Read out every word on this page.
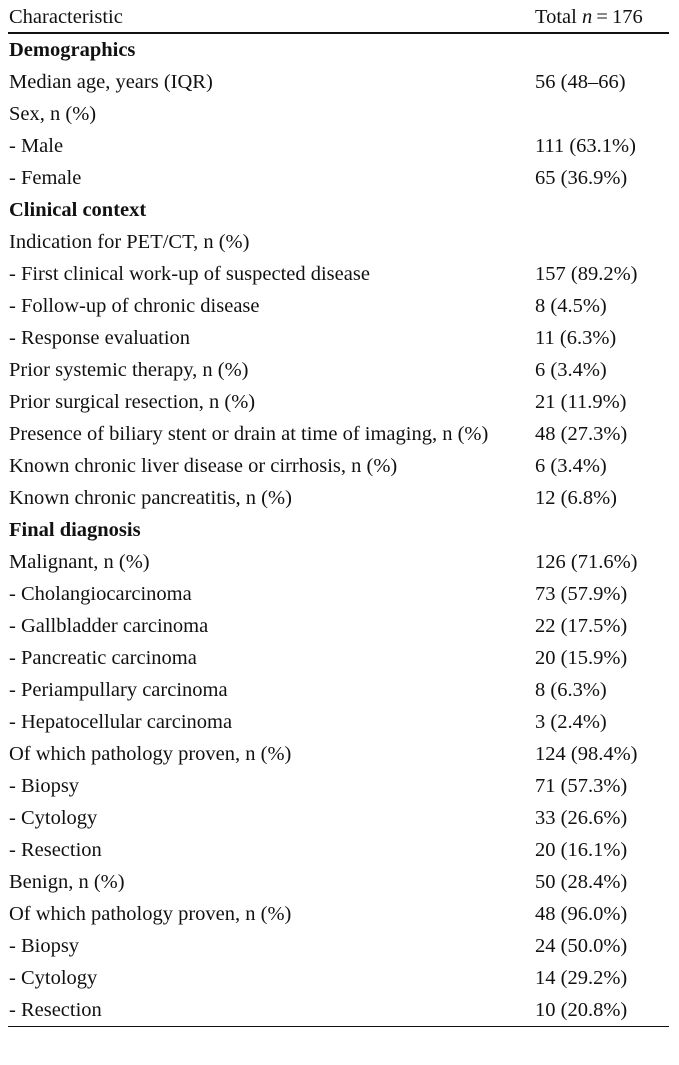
Characteristic	Total n = 176
Demographics	
Median age, years (IQR)	56 (48–66)
Sex, n (%)	
- Male	111 (63.1%)
- Female	65 (36.9%)
Clinical context	
Indication for PET/CT, n (%)	
- First clinical work-up of suspected disease	157 (89.2%)
- Follow-up of chronic disease	8 (4.5%)
- Response evaluation	11 (6.3%)
Prior systemic therapy, n (%)	6 (3.4%)
Prior surgical resection, n (%)	21 (11.9%)
Presence of biliary stent or drain at time of imaging, n (%)	48 (27.3%)
Known chronic liver disease or cirrhosis, n (%)	6 (3.4%)
Known chronic pancreatitis, n (%)	12 (6.8%)
Final diagnosis	
Malignant, n (%)	126 (71.6%)
- Cholangiocarcinoma	73 (57.9%)
- Gallbladder carcinoma	22 (17.5%)
- Pancreatic carcinoma	20 (15.9%)
- Periampullary carcinoma	8 (6.3%)
- Hepatocellular carcinoma	3 (2.4%)
Of which pathology proven, n (%)	124 (98.4%)
- Biopsy	71 (57.3%)
- Cytology	33 (26.6%)
- Resection	20 (16.1%)
Benign, n (%)	50 (28.4%)
Of which pathology proven, n (%)	48 (96.0%)
- Biopsy	24 (50.0%)
- Cytology	14 (29.2%)
- Resection	10 (20.8%)
